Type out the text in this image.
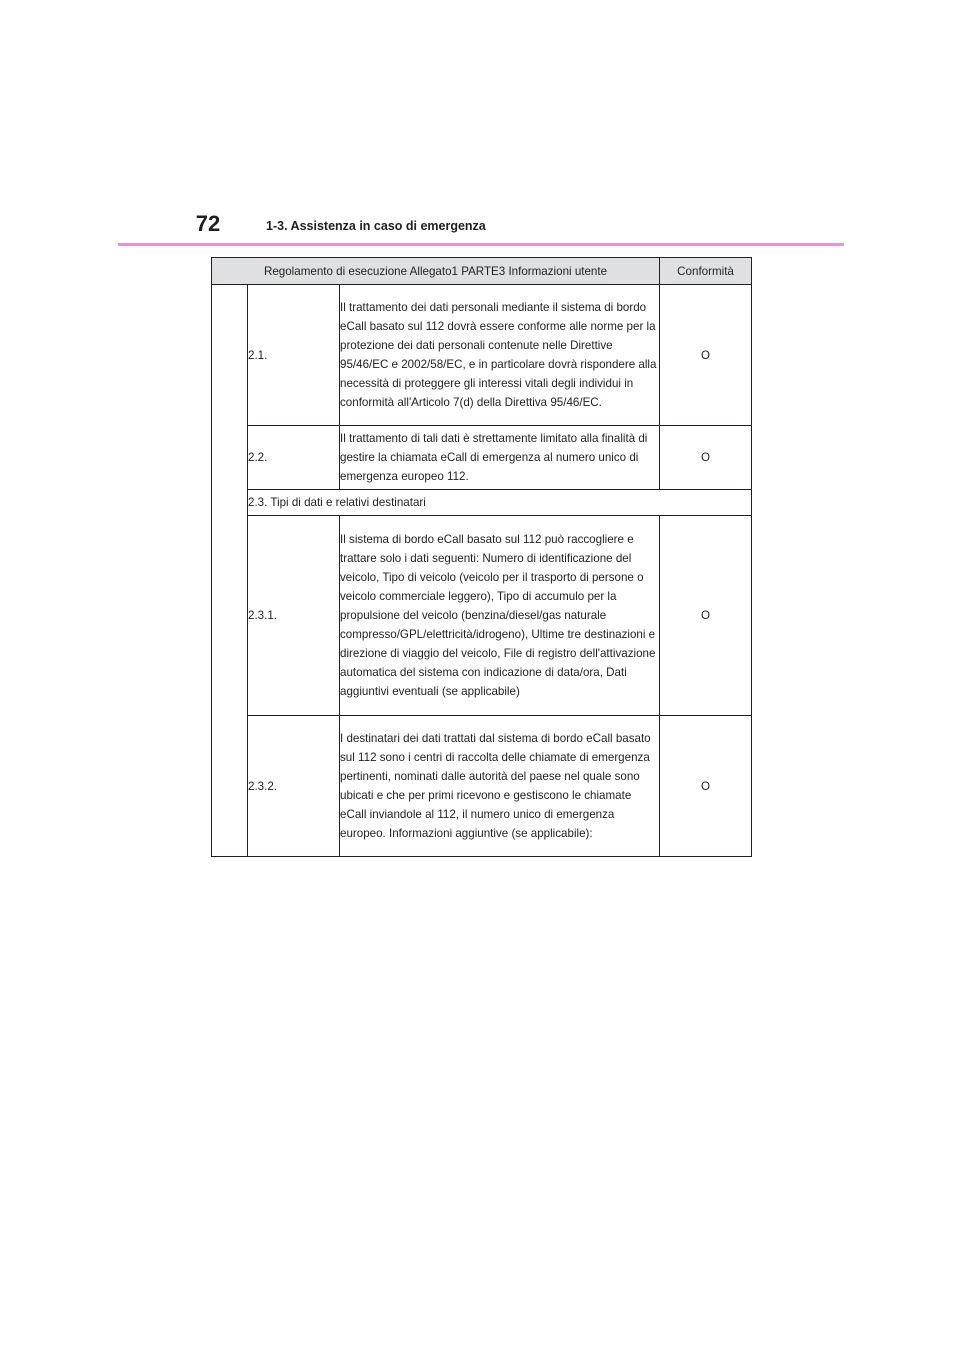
72	1-3. Assistenza in caso di emergenza
Regolamento di esecuzione Allegato1 PARTE3 Informazioni utente			Conformità
	2.1.	Il trattamento dei dati personali mediante il sistema di bordo eCall basato sul 112 dovrà essere conforme alle norme per la protezione dei dati personali contenute nelle Direttive 95/46/EC e 2002/58/EC, e in particolare dovrà rispondere alla necessità di proteggere gli interessi vitali degli individui in conformità all'Articolo 7(d) della Direttiva 95/46/EC.	O
	2.2.	Il trattamento di tali dati è strettamente limitato alla finalità di gestire la chiamata eCall di emergenza al numero unico di emergenza europeo 112.	O
	2.3. Tipi di dati e relativi destinatari		
	2.3.1.	Il sistema di bordo eCall basato sul 112 può raccogliere e trattare solo i dati seguenti: Numero di identificazione del veicolo, Tipo di veicolo (veicolo per il trasporto di persone o veicolo commerciale leggero), Tipo di accumulo per la propulsione del veicolo (benzina/diesel/gas naturale compresso/GPL/elettricità/idrogeno), Ultime tre destinazioni e direzione di viaggio del veicolo, File di registro dell'attivazione automatica del sistema con indicazione di data/ora, Dati aggiuntivi eventuali (se applicabile)	O
	2.3.2.	I destinatari dei dati trattati dal sistema di bordo eCall basato sul 112 sono i centri di raccolta delle chiamate di emergenza pertinenti, nominati dalle autorità del paese nel quale sono ubicati e che per primi ricevono e gestiscono le chiamate eCall inviandole al 112, il numero unico di emergenza europeo. Informazioni aggiuntive (se applicabile):	O
